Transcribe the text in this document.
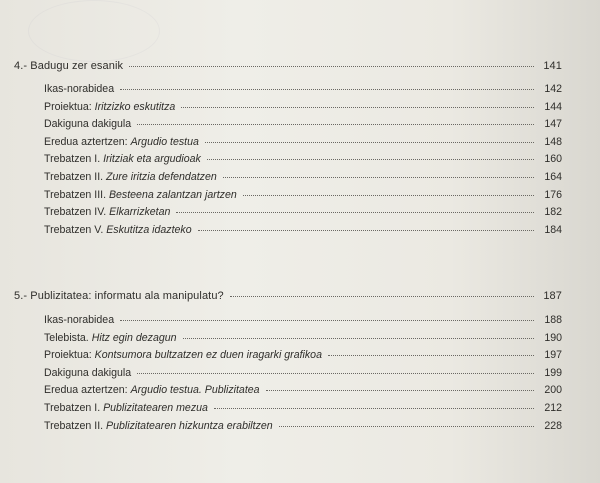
4.- Badugu zer esanik	141
Ikas-norabidea	142
Proiektua: Iritzizko eskutitza	144
Dakiguna dakigula	147
Eredua aztertzen: Argudio testua	148
Trebatzen I. Iritziak eta argudioak	160
Trebatzen II. Zure iritzia defendatzen	164
Trebatzen III. Besteena zalantzan jartzen	176
Trebatzen IV. Elkarrizketan	182
Trebatzen V. Eskutitza idazteko	184
5.- Publizitatea: informatu ala manipulatu?	187
Ikas-norabidea	188
Telebista. Hitz egin dezagun	190
Proiektua: Kontsumora bultzatzen ez duen iragarki grafikoa	197
Dakiguna dakigula	199
Eredua aztertzen: Argudio testua. Publizitatea	200
Trebatzen I. Publizitatearen mezua	212
Trebatzen II. Publizitatearen hizkuntza erabiltzen	228
